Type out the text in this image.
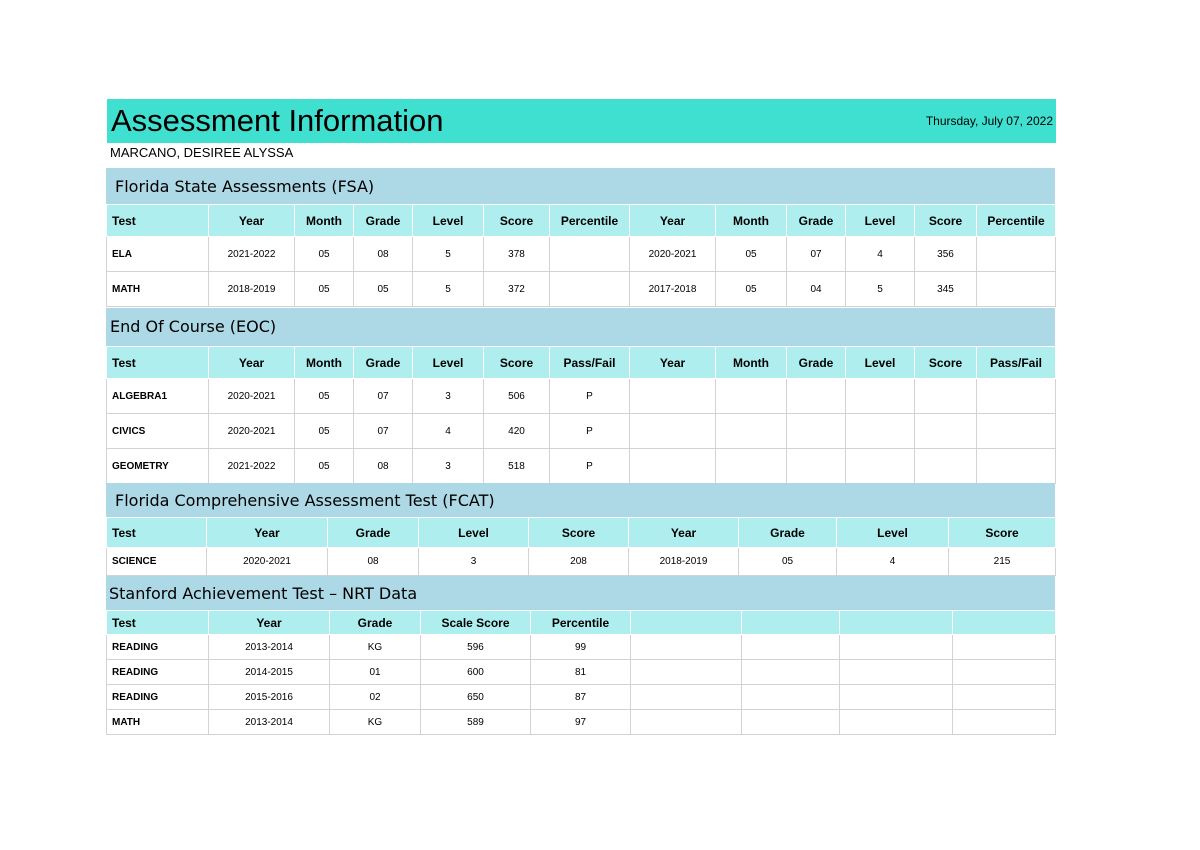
Assessment Information	Thursday, July 07, 2022
MARCANO, DESIREE ALYSSA
Florida State Assessments (FSA)
Test	Year	Month	Grade	Level	Score	Percentile	Year	Month	Grade	Level	Score	Percentile
ELA	2021-2022	05	08	5	378		2020-2021	05	07	4	356	
MATH	2018-2019	05	05	5	372		2017-2018	05	04	5	345	
End Of Course (EOC)
Test	Year	Month	Grade	Level	Score	Pass/Fail	Year	Month	Grade	Level	Score	Pass/Fail
ALGEBRA1	2020-2021	05	07	3	506	P						
CIVICS	2020-2021	05	07	4	420	P						
GEOMETRY	2021-2022	05	08	3	518	P						
Florida Comprehensive Assessment Test (FCAT)
Test	Year	Grade	Level	Score	Year	Grade	Level	Score
SCIENCE	2020-2021	08	3	208	2018-2019	05	4	215
Stanford Achievement Test – NRT Data
Test	Year	Grade	Scale Score	Percentile				
READING	2013-2014	KG	596	99				
READING	2014-2015	01	600	81				
READING	2015-2016	02	650	87				
MATH	2013-2014	KG	589	97				
